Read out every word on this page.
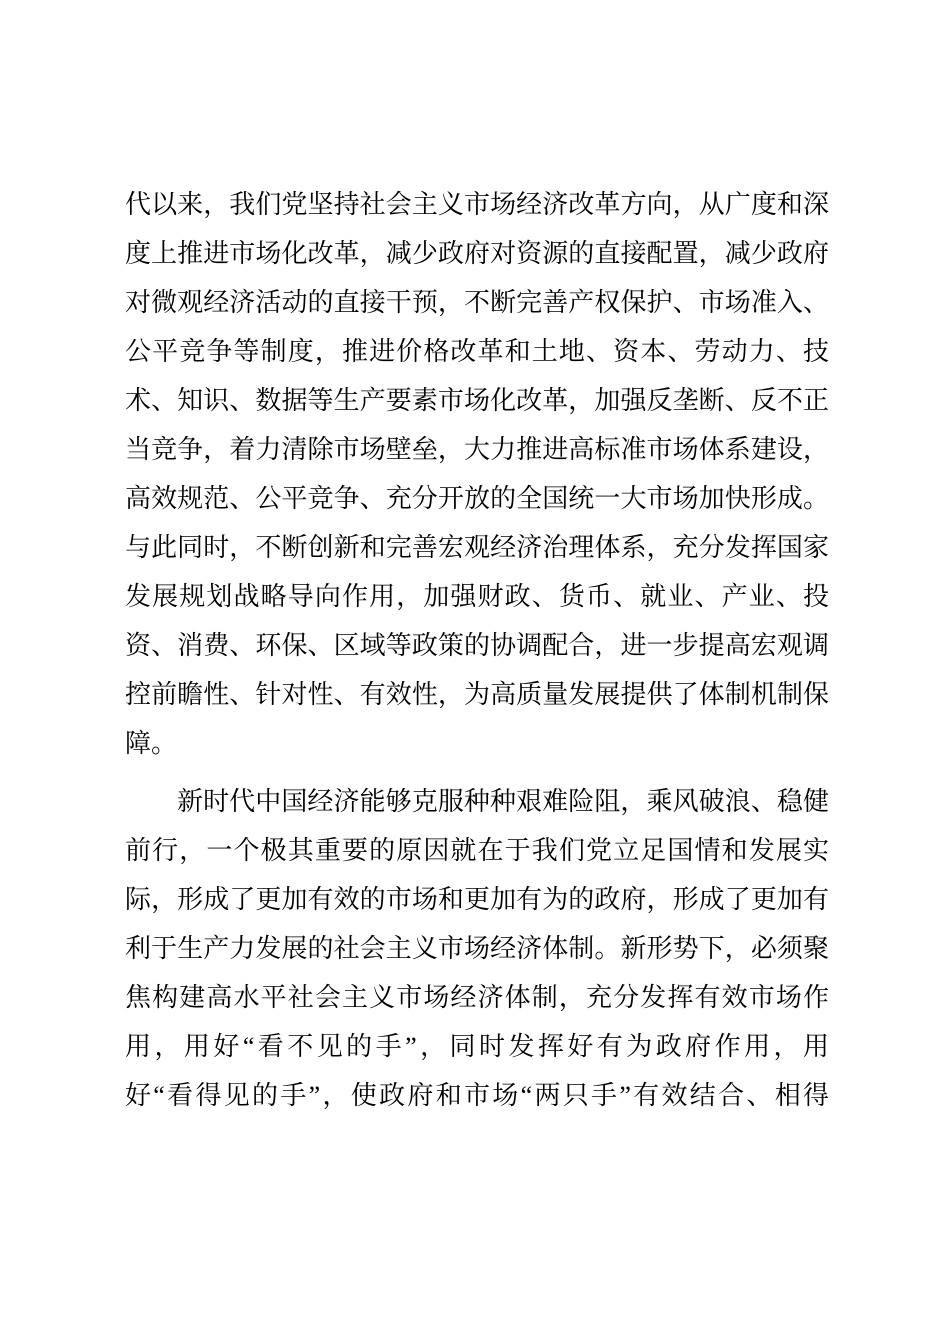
代以来，我们党坚持社会主义市场经济改革方向，从广度和深
度上推进市场化改革，减少政府对资源的直接配置，减少政府
对微观经济活动的直接干预，不断完善产权保护、市场准入、
公平竞争等制度，推进价格改革和土地、资本、劳动力、技
术、知识、数据等生产要素市场化改革，加强反垄断、反不正
当竞争，着力清除市场壁垒，大力推进高标准市场体系建设，
高效规范、公平竞争、充分开放的全国统一大市场加快形成。
与此同时，不断创新和完善宏观经济治理体系，充分发挥国家
发展规划战略导向作用，加强财政、货币、就业、产业、投
资、消费、环保、区域等政策的协调配合，进一步提高宏观调
控前瞻性、针对性、有效性，为高质量发展提供了体制机制保
障。
新时代中国经济能够克服种种艰难险阻，乘风破浪、稳健
前行，一个极其重要的原因就在于我们党立足国情和发展实
际，形成了更加有效的市场和更加有为的政府，形成了更加有
利于生产力发展的社会主义市场经济体制。新形势下，必须聚
焦构建高水平社会主义市场经济体制，充分发挥有效市场作
用，用好“看不见的手”，同时发挥好有为政府作用，用
好“看得见的手”，使政府和市场“两只手”有效结合、相得
